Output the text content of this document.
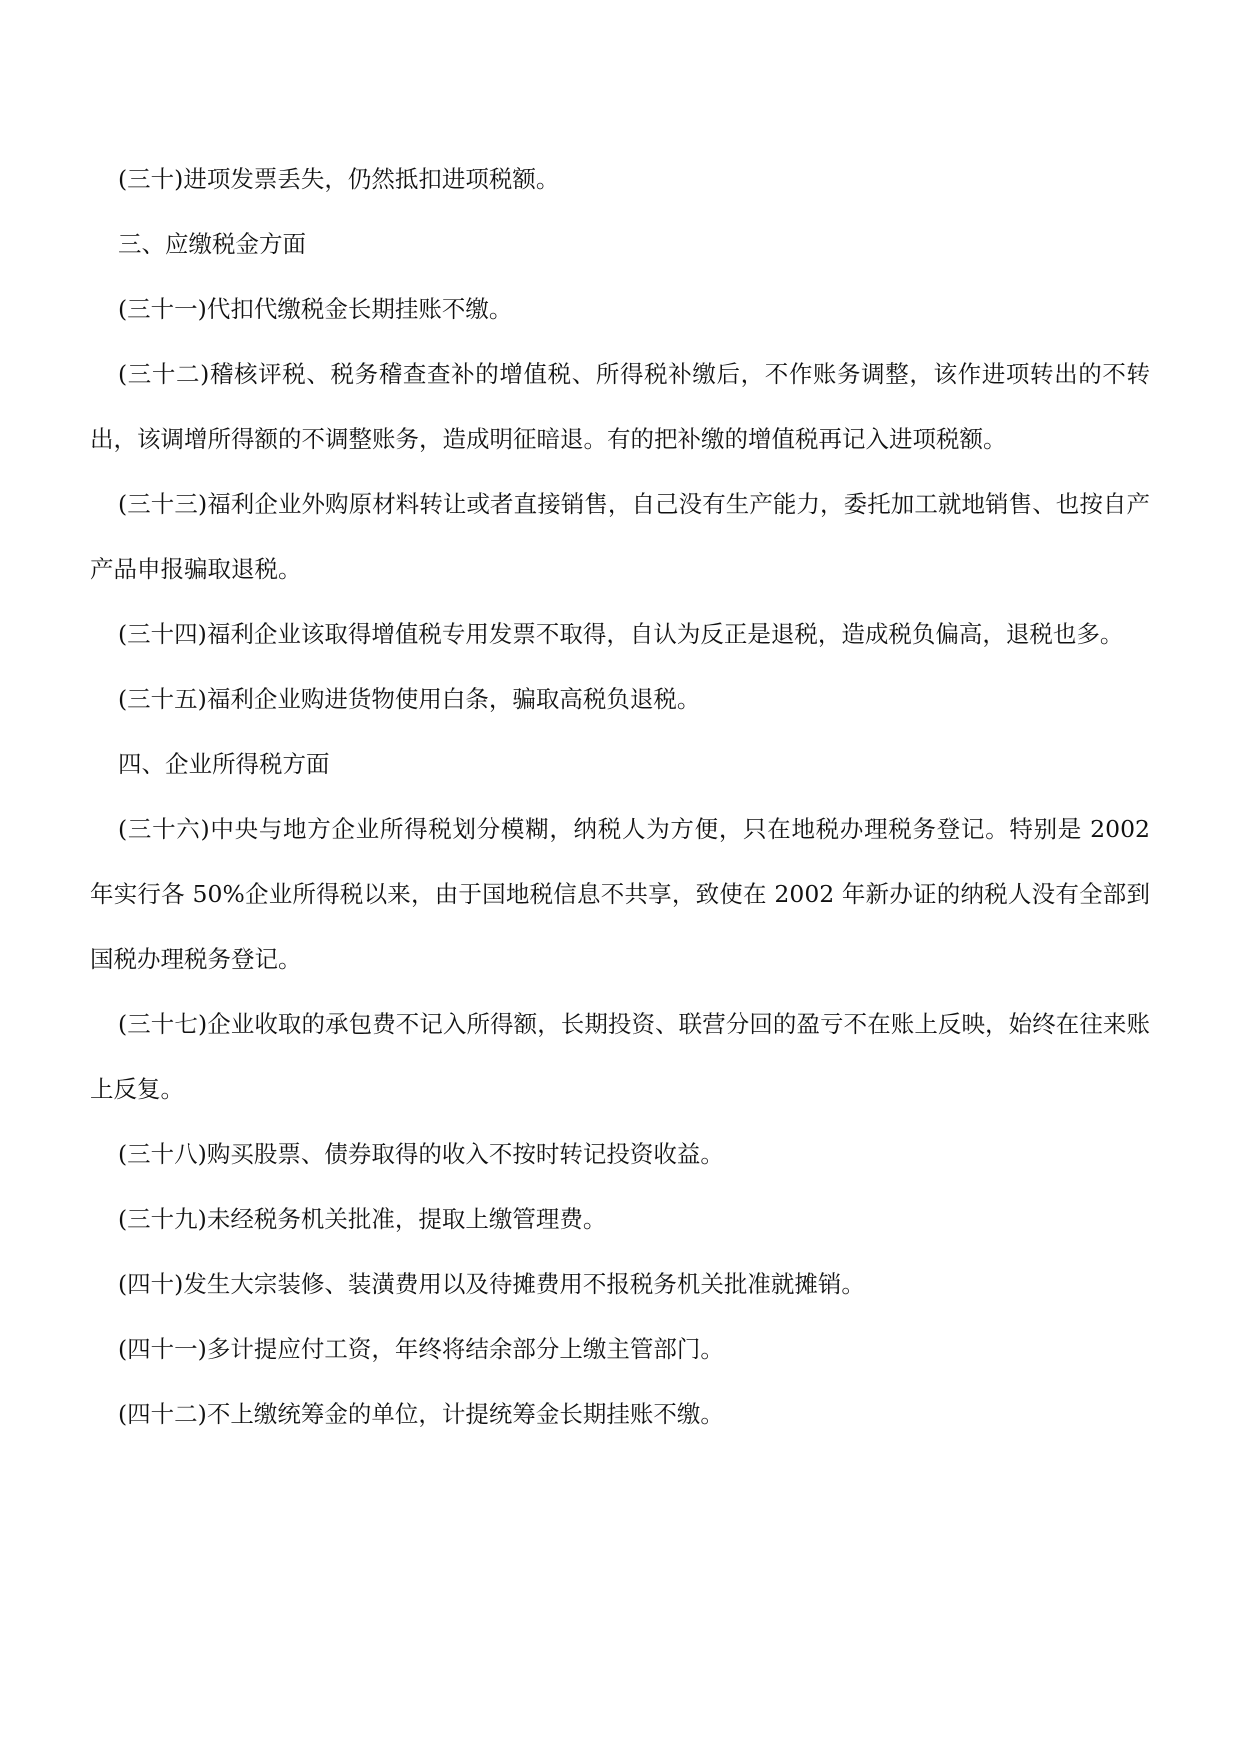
(三十)进项发票丢失，仍然抵扣进项税额。

三、应缴税金方面

(三十一)代扣代缴税金长期挂账不缴。

(三十二)稽核评税、税务稽查查补的增值税、所得税补缴后，不作账务调整，该作进项转出的不转出，该调增所得额的不调整账务，造成明征暗退。有的把补缴的增值税再记入进项税额。

(三十三)福利企业外购原材料转让或者直接销售，自己没有生产能力，委托加工就地销售、也按自产产品申报骗取退税。

(三十四)福利企业该取得增值税专用发票不取得，自认为反正是退税，造成税负偏高，退税也多。

(三十五)福利企业购进货物使用白条，骗取高税负退税。

四、企业所得税方面

(三十六)中央与地方企业所得税划分模糊，纳税人为方便，只在地税办理税务登记。特别是 2002 年实行各 50%企业所得税以来，由于国地税信息不共享，致使在 2002 年新办证的纳税人没有全部到国税办理税务登记。

(三十七)企业收取的承包费不记入所得额，长期投资、联营分回的盈亏不在账上反映，始终在往来账上反复。

(三十八)购买股票、债券取得的收入不按时转记投资收益。

(三十九)未经税务机关批准，提取上缴管理费。

(四十)发生大宗装修、装潢费用以及待摊费用不报税务机关批准就摊销。

(四十一)多计提应付工资，年终将结余部分上缴主管部门。

(四十二)不上缴统筹金的单位，计提统筹金长期挂账不缴。
